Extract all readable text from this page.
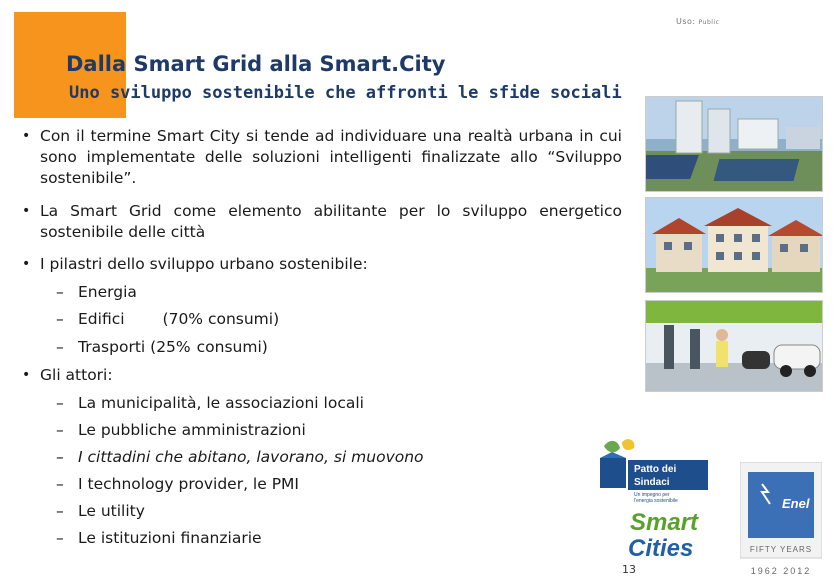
Uso: Public
Dalla Smart Grid alla Smart.City
Uno sviluppo sostenibile che affronti le sfide sociali
• Con il termine Smart City si tende ad individuare una realtà urbana in cui sono implementate delle soluzioni intelligenti finalizzate allo “Sviluppo sostenibile”.
• La Smart Grid come elemento abilitante per lo sviluppo energetico sostenibile delle città
• I pilastri dello sviluppo urbano sostenibile:
– Energia
– Edifici (70% consumi)
– Trasporti (25% consumi)
• Gli attori:
– La municipalità, le associazioni locali
– Le pubbliche amministrazioni
– I cittadini che abitano, lavorano, si muovono
– I technology provider, le PMI
– Le utility
– Le istituzioni finanziarie
Patto dei
Sindaci
Un impegno per
l'energia sostenibile
Smart
Cities
Enel
FIFTY YEARS
1962 2012
13
